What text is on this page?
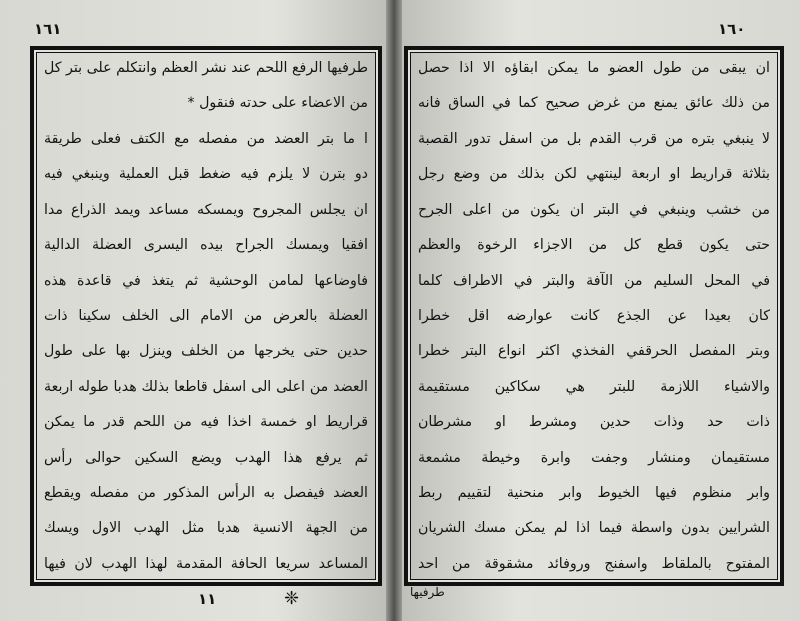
١٦١	١٦٠
طرفيها الرفع اللحم عند نشر العظم وانتكلم على بتر كل
من الاعضاء على حدته فنقول *
ا ما بتر العضد من مفصله مع الكتف فعلى طريقة
دو بترن لا يلزم فيه ضغط قبل العملية وينبغي فيه
ان يجلس المجروح ويمسكه مساعد ويمد الذراع مدا
افقيا ويمسك الجراح بيده اليسرى العضلة الدالية
فاوضاعها لمامن الوحشية ثم يتغذ في قاعدة هذه
العضلة بالعرض من الامام الى الخلف سكينا ذات
حدين حتى يخرجها من الخلف وينزل بها على طول
العضد من اعلى الى اسفل قاطعا بذلك هدبا طوله اربعة
قراريط او خمسة اخذا فيه من اللحم قدر ما يمكن
ثم يرفع هذا الهدب ويضع السكين حوالى رأس
العضد فيفصل به الرأس المذكور من مفصله ويقطع
من الجهة الانسية هدبا مثل الهدب الاول ويسك
المساعد سريعا الحافة المقدمة لهذا الهدب لان فيها
ان يبقى من طول العضو ما يمكن ابقاؤه الا اذا حصل
من ذلك عائق يمنع من غرض صحيح كما في الساق فانه
لا ينبغي بتره من قرب القدم بل من اسفل تدور القصبة
بثلاثة قراريط او اربعة لينتهي لكن بذلك من وضع رجل
من خشب وينبغي في البتر ان يكون من اعلى الجرح
حتى يكون قطع كل من الاجزاء الرخوة والعظم
في المحل السليم من الآفة والبتر في الاطراف كلما
كان بعيدا عن الجذع كانت عوارضه اقل خطرا
وبتر المفصل الحرقفي الفخذي اكثر انواع البتر خطرا
والاشياء اللازمة للبتر هي سكاكين مستقيمة
ذات حد وذات حدين ومشرط او مشرطان
مستقيمان ومنشار وجفت وابرة وخيطة مشمعة
وابر منظوم فيها الخيوط وابر منحنية لتقييم ربط
الشرايين بدون واسطة فيما اذا لم يمكن مسك الشريان
المفتوح بالملقاط واسفنج وروفائد مشقوقة من احد
١١	❈	طرفيها
